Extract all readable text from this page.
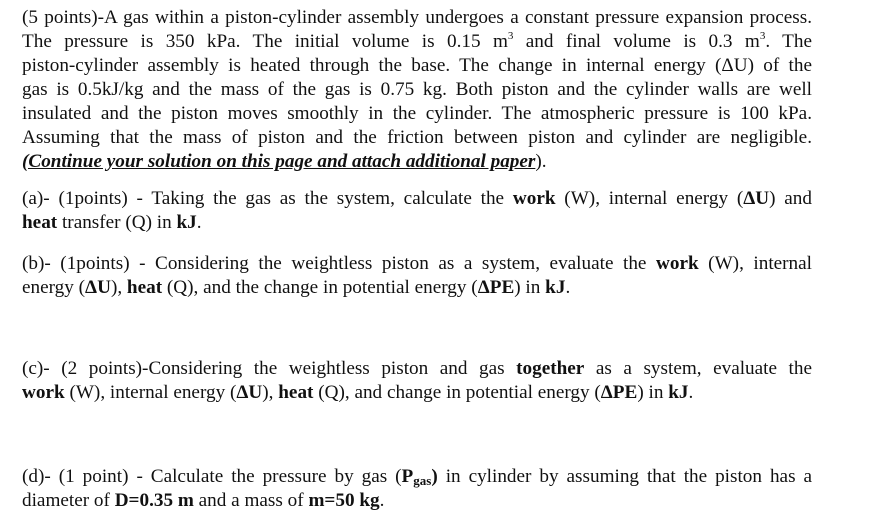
(5 points)-A gas within a piston-cylinder assembly undergoes a constant pressure expansion process. The pressure is 350 kPa. The initial volume is 0.15 $m^3$ and final volume is 0.3 $m^3$. The
piston-cylinder assembly is heated through the base. The change in internal energy (ΔU) of the
gas is 0.5kJ/kg and the mass of the gas is 0.75 kg. Both piston and the cylinder walls are well
insulated and the piston moves smoothly in the cylinder. The atmospheric pressure is 100 kPa.
Assuming that the mass of piston and the friction between piston and cylinder are negligible.
(Continue your solution on this page and attach additional paper).
(a)- (1points) - Taking the gas as the system, calculate the work (W), internal energy (ΔU) and
heat transfer (Q) in kJ.
(b)- (1points) - Considering the weightless piston as a system, evaluate the work (W), internal
energy (ΔU), heat (Q), and the change in potential energy (ΔPE) in kJ.
(c)- (2 points)-Considering the weightless piston and gas together as a system, evaluate the
work (W), internal energy (ΔU), heat (Q), and change in potential energy (ΔPE) in kJ.
(d)- (1 point) - Calculate the pressure by gas $(P_{gas})$ in cylinder by assuming that the piston has a
diameter of D=0.35 m and a mass of m=50 kg.
